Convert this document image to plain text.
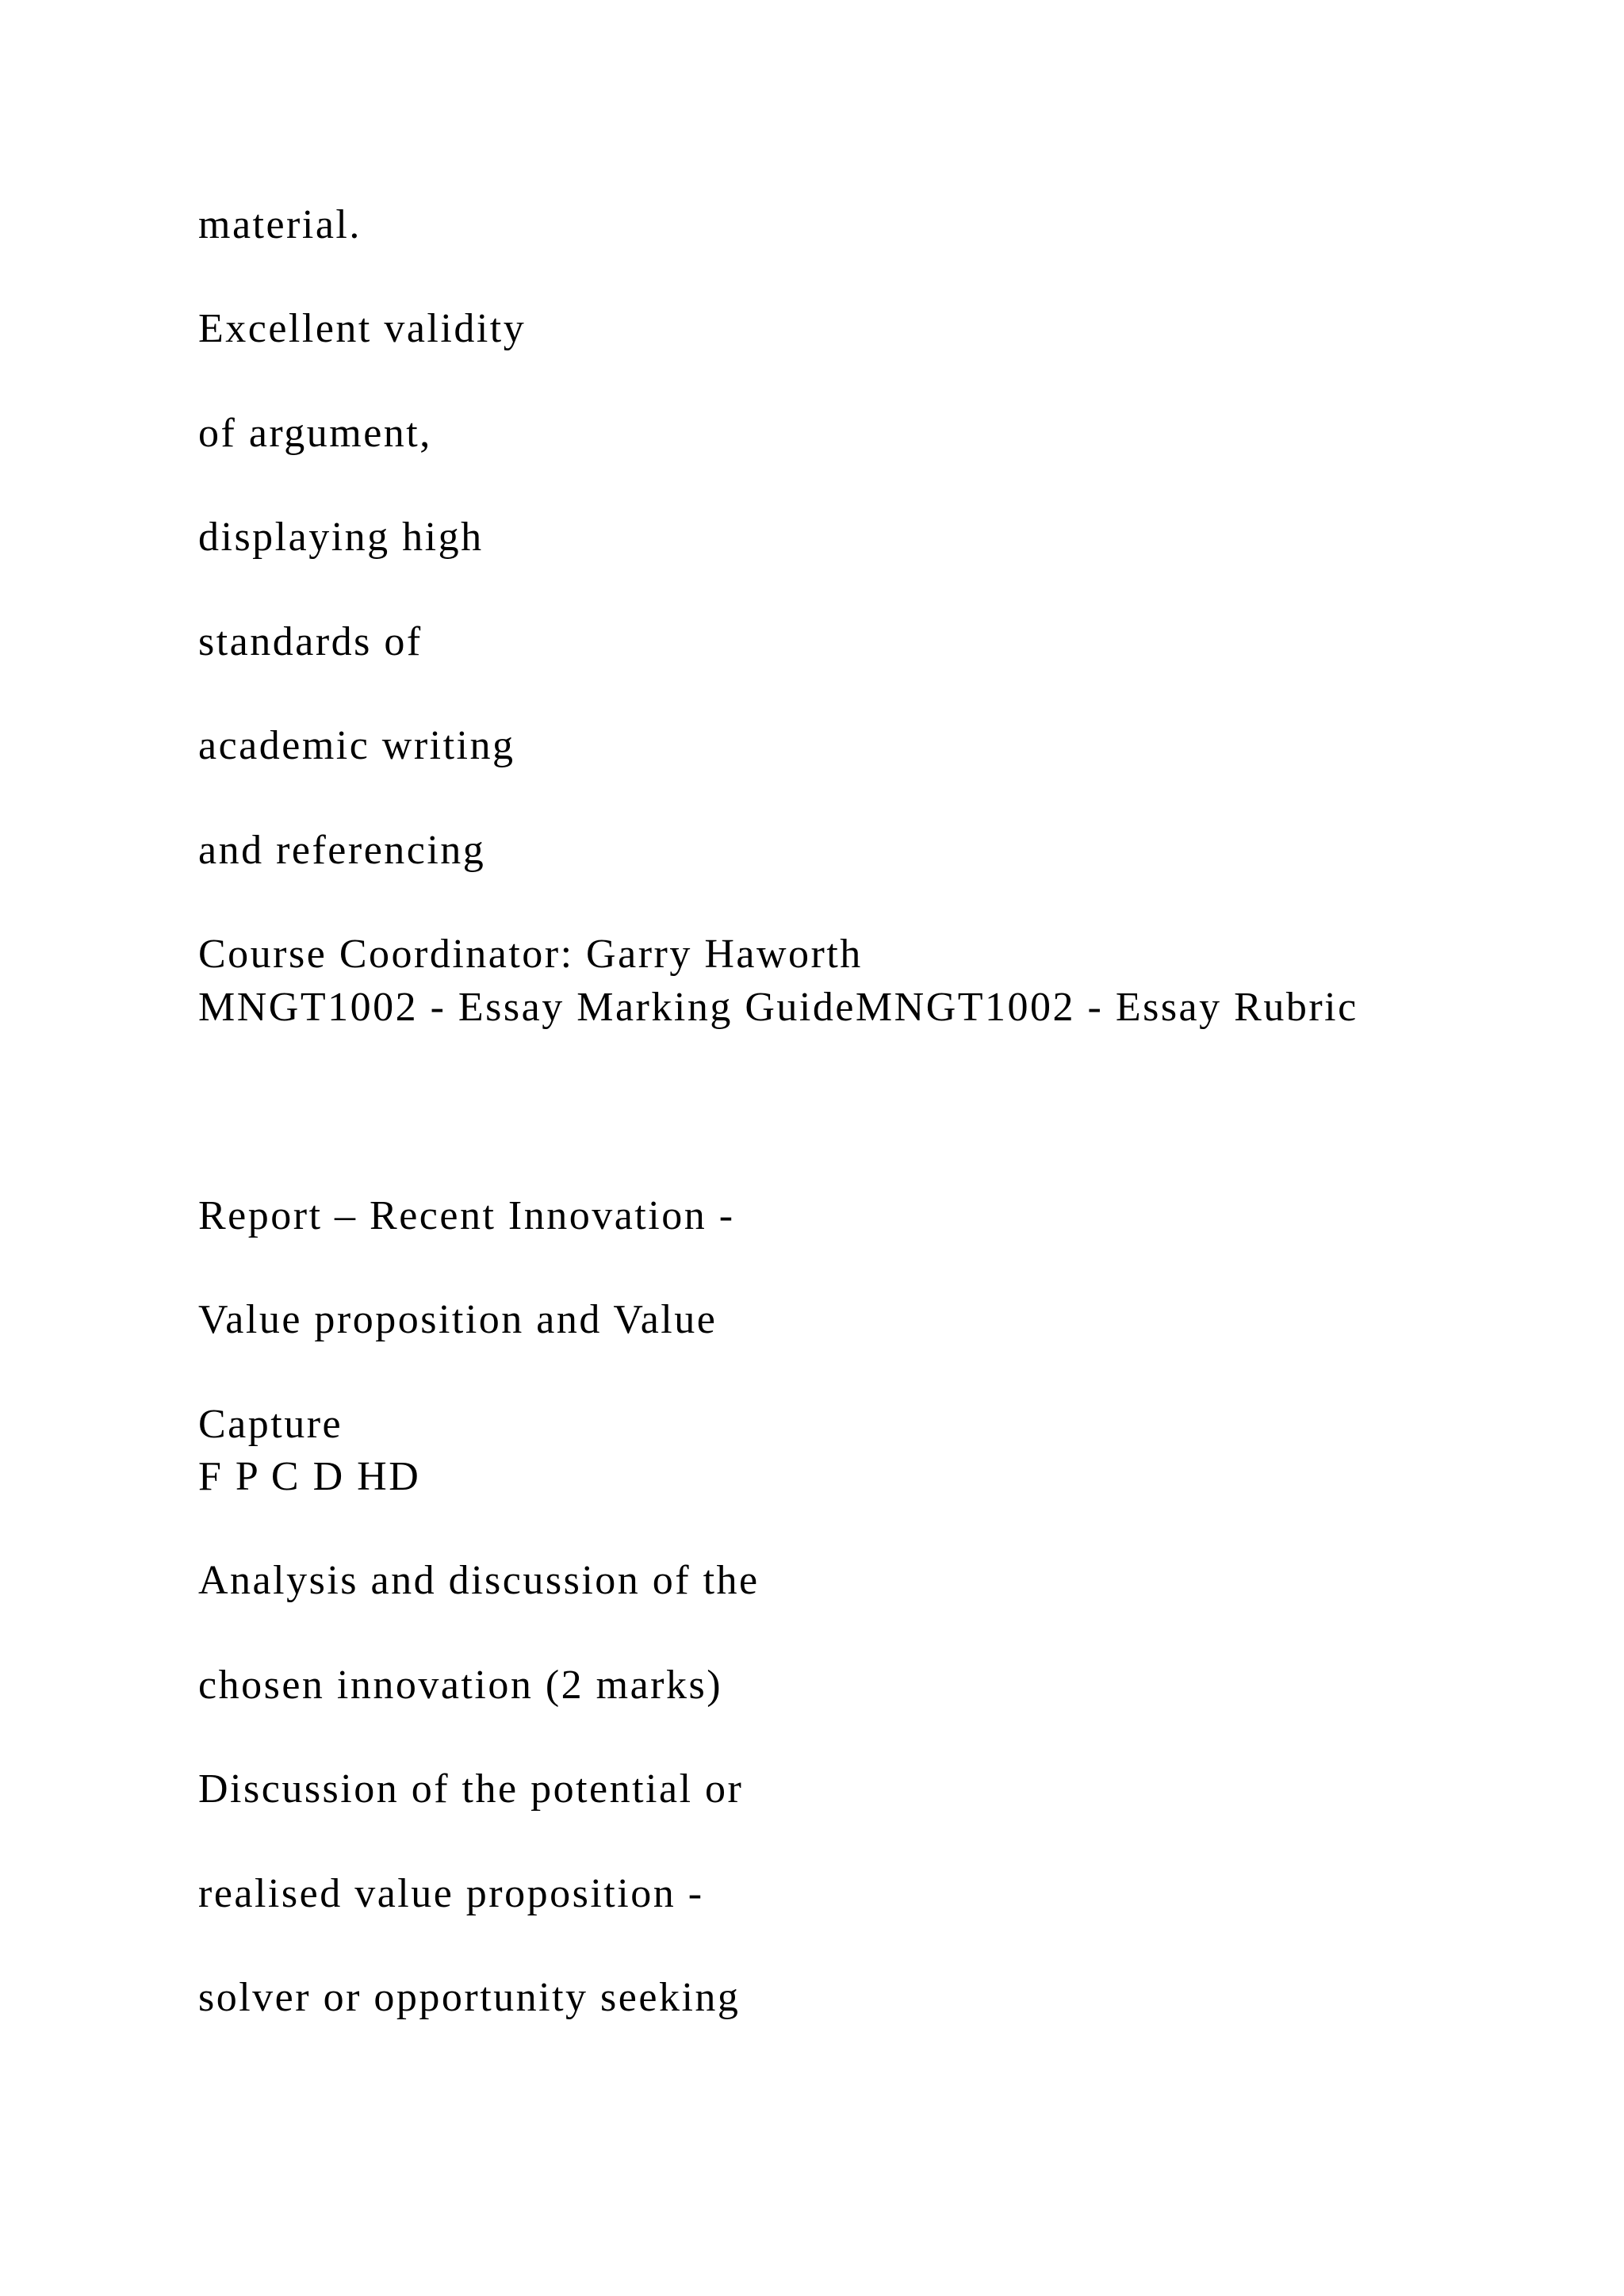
material.

Excellent validity

of argument,

displaying high

standards of

academic writing

and referencing

Course Coordinator: Garry Haworth

MNGT1002 - Essay Marking GuideMNGT1002 - Essay Rubric

Report – Recent Innovation -

Value proposition and Value

Capture

F P C D HD

Analysis and discussion of the

chosen innovation (2 marks)

Discussion of the potential or

realised value proposition -

solver or opportunity seeking
